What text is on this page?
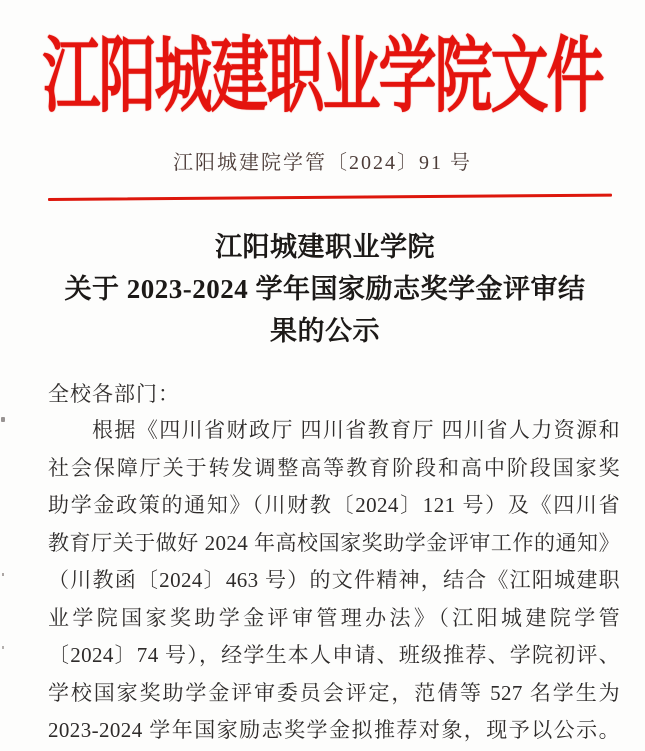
江阳城建职业学院文件
江阳城建院学管〔2024〕91 号
江阳城建职业学院
关于 2023-2024 学年国家励志奖学金评审结
果的公示
全校各部门：
根据《四川省财政厅 四川省教育厅 四川省人力资源和
社会保障厅关于转发调整高等教育阶段和高中阶段国家奖
助学金政策的通知》（川财教〔2024〕121 号）及《四川省
教育厅关于做好 2024 年高校国家奖助学金评审工作的通知》
（川教函〔2024〕463 号）的文件精神，结合《江阳城建职
业学院国家奖助学金评审管理办法》（江阳城建院学管
〔2024〕74 号），经学生本人申请、班级推荐、学院初评、
学校国家奖助学金评审委员会评定，范倩等 527 名学生为
2023-2024 学年国家励志奖学金拟推荐对象，现予以公示。
